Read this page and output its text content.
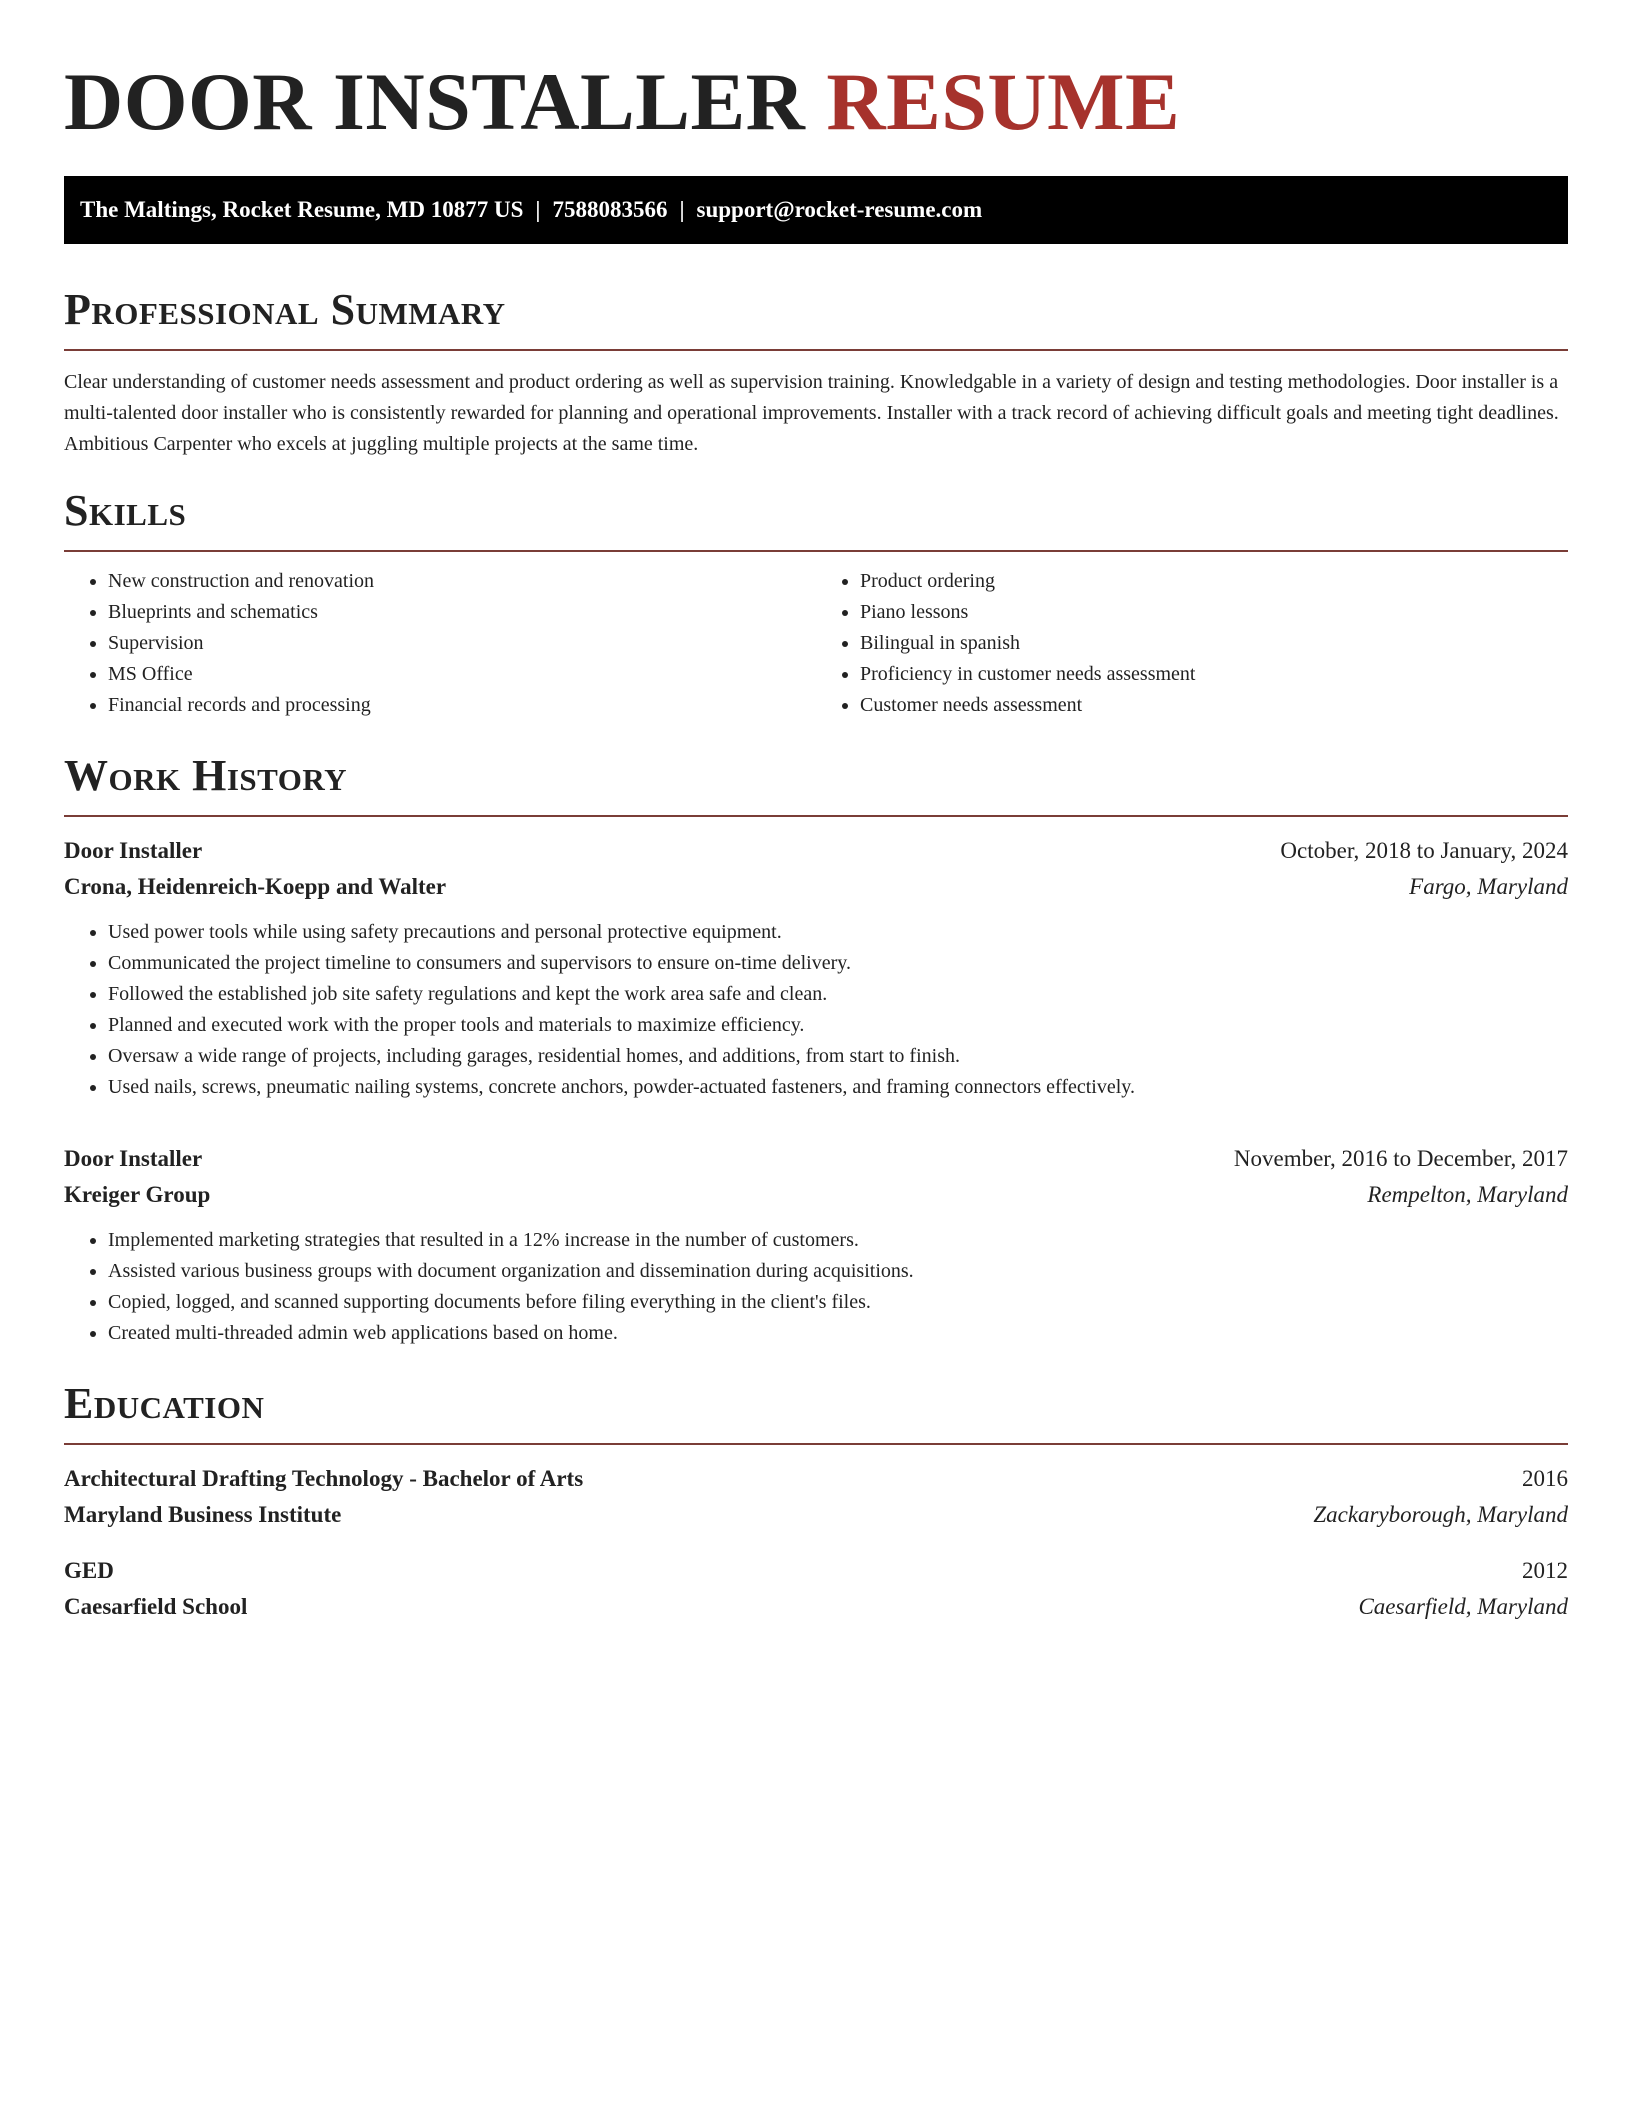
DOOR INSTALLER RESUME
The Maltings, Rocket Resume, MD 10877 US | 7588083566 | support@rocket-resume.com
Professional Summary

Clear understanding of customer needs assessment and product ordering as well as supervision training. Knowledgable in a variety of design and testing methodologies. Door installer is a multi-talented door installer who is consistently rewarded for planning and operational improvements. Installer with a track record of achieving difficult goals and meeting tight deadlines. Ambitious Carpenter who excels at juggling multiple projects at the same time.

Skills
• New construction and renovation
• Blueprints and schematics
• Supervision
• MS Office
• Financial records and processing
• Product ordering
• Piano lessons
• Bilingual in spanish
• Proficiency in customer needs assessment
• Customer needs assessment
Work History
Door Installer	October, 2018 to January, 2024
Crona, Heidenreich-Koepp and Walter	Fargo, Maryland
• Used power tools while using safety precautions and personal protective equipment.
• Communicated the project timeline to consumers and supervisors to ensure on-time delivery.
• Followed the established job site safety regulations and kept the work area safe and clean.
• Planned and executed work with the proper tools and materials to maximize efficiency.
• Oversaw a wide range of projects, including garages, residential homes, and additions, from start to finish.
• Used nails, screws, pneumatic nailing systems, concrete anchors, powder-actuated fasteners, and framing connectors effectively.
Door Installer	November, 2016 to December, 2017
Kreiger Group	Rempelton, Maryland
• Implemented marketing strategies that resulted in a 12% increase in the number of customers.
• Assisted various business groups with document organization and dissemination during acquisitions.
• Copied, logged, and scanned supporting documents before filing everything in the client's files.
• Created multi-threaded admin web applications based on home.
Education
Architectural Drafting Technology - Bachelor of Arts	2016
Maryland Business Institute	Zackaryborough, Maryland
GED	2012
Caesarfield School	Caesarfield, Maryland
